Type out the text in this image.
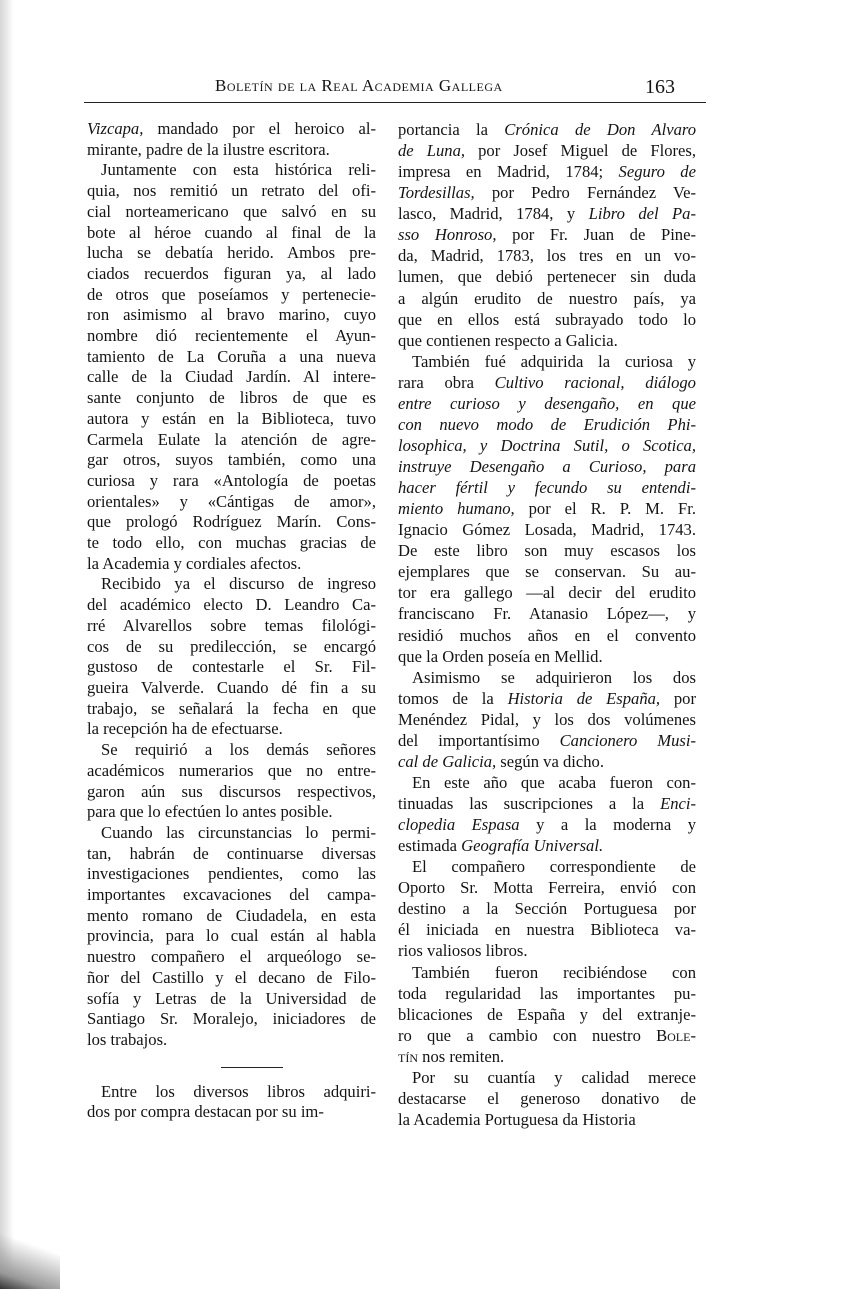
Boletín de la Real Academia Gallega	163
Vizcapa, mandado por el heroico al-
mirante, padre de la ilustre escritora.
Juntamente con esta histórica reli-
quia, nos remitió un retrato del ofi-
cial norteamericano que salvó en su
bote al héroe cuando al final de la
lucha se debatía herido. Ambos pre-
ciados recuerdos figuran ya, al lado
de otros que poseíamos y pertenecie-
ron asimismo al bravo marino, cuyo
nombre dió recientemente el Ayun-
tamiento de La Coruña a una nueva
calle de la Ciudad Jardín. Al intere-
sante conjunto de libros de que es
autora y están en la Biblioteca, tuvo
Carmela Eulate la atención de agre-
gar otros, suyos también, como una
curiosa y rara «Antología de poetas
orientales» y «Cántigas de amor»,
que prologó Rodríguez Marín. Cons-
te todo ello, con muchas gracias de
la Academia y cordiales afectos.
Recibido ya el discurso de ingreso
del académico electo D. Leandro Ca-
rré Alvarellos sobre temas filológi-
cos de su predilección, se encargó
gustoso de contestarle el Sr. Fil-
gueira Valverde. Cuando dé fin a su
trabajo, se señalará la fecha en que
la recepción ha de efectuarse.
Se requirió a los demás señores
académicos numerarios que no entre-
garon aún sus discursos respectivos,
para que lo efectúen lo antes posible.
Cuando las circunstancias lo permi-
tan, habrán de continuarse diversas
investigaciones pendientes, como las
importantes excavaciones del campa-
mento romano de Ciudadela, en esta
provincia, para lo cual están al habla
nuestro compañero el arqueólogo se-
ñor del Castillo y el decano de Filo-
sofía y Letras de la Universidad de
Santiago Sr. Moralejo, iniciadores de
los trabajos.
Entre los diversos libros adquiri-
dos por compra destacan por su im-
portancia la Crónica de Don Alvaro
de Luna, por Josef Miguel de Flores,
impresa en Madrid, 1784; Seguro de
Tordesillas, por Pedro Fernández Ve-
lasco, Madrid, 1784, y Libro del Pa-
sso Honroso, por Fr. Juan de Pine-
da, Madrid, 1783, los tres en un vo-
lumen, que debió pertenecer sin duda
a algún erudito de nuestro país, ya
que en ellos está subrayado todo lo
que contienen respecto a Galicia.
También fué adquirida la curiosa y
rara obra Cultivo racional, diálogo
entre curioso y desengaño, en que
con nuevo modo de Erudición Phi-
losophica, y Doctrina Sutil, o Scotica,
instruye Desengaño a Curioso, para
hacer fértil y fecundo su entendi-
miento humano, por el R. P. M. Fr.
Ignacio Gómez Losada, Madrid, 1743.
De este libro son muy escasos los
ejemplares que se conservan. Su au-
tor era gallego —al decir del erudito
franciscano Fr. Atanasio López—, y
residió muchos años en el convento
que la Orden poseía en Mellid.
Asimismo se adquirieron los dos
tomos de la Historia de España, por
Menéndez Pidal, y los dos volúmenes
del importantísimo Cancionero Musi-
cal de Galicia, según va dicho.
En este año que acaba fueron con-
tinuadas las suscripciones a la Enci-
clopedia Espasa y a la moderna y
estimada Geografía Universal.
El compañero correspondiente de
Oporto Sr. Motta Ferreira, envió con
destino a la Sección Portuguesa por
él iniciada en nuestra Biblioteca va-
rios valiosos libros.
También fueron recibiéndose con
toda regularidad las importantes pu-
blicaciones de España y del extranje-
ro que a cambio con nuestro Bole-
tín nos remiten.
Por su cuantía y calidad merece
destacarse el generoso donativo de
la Academia Portuguesa da Historia
